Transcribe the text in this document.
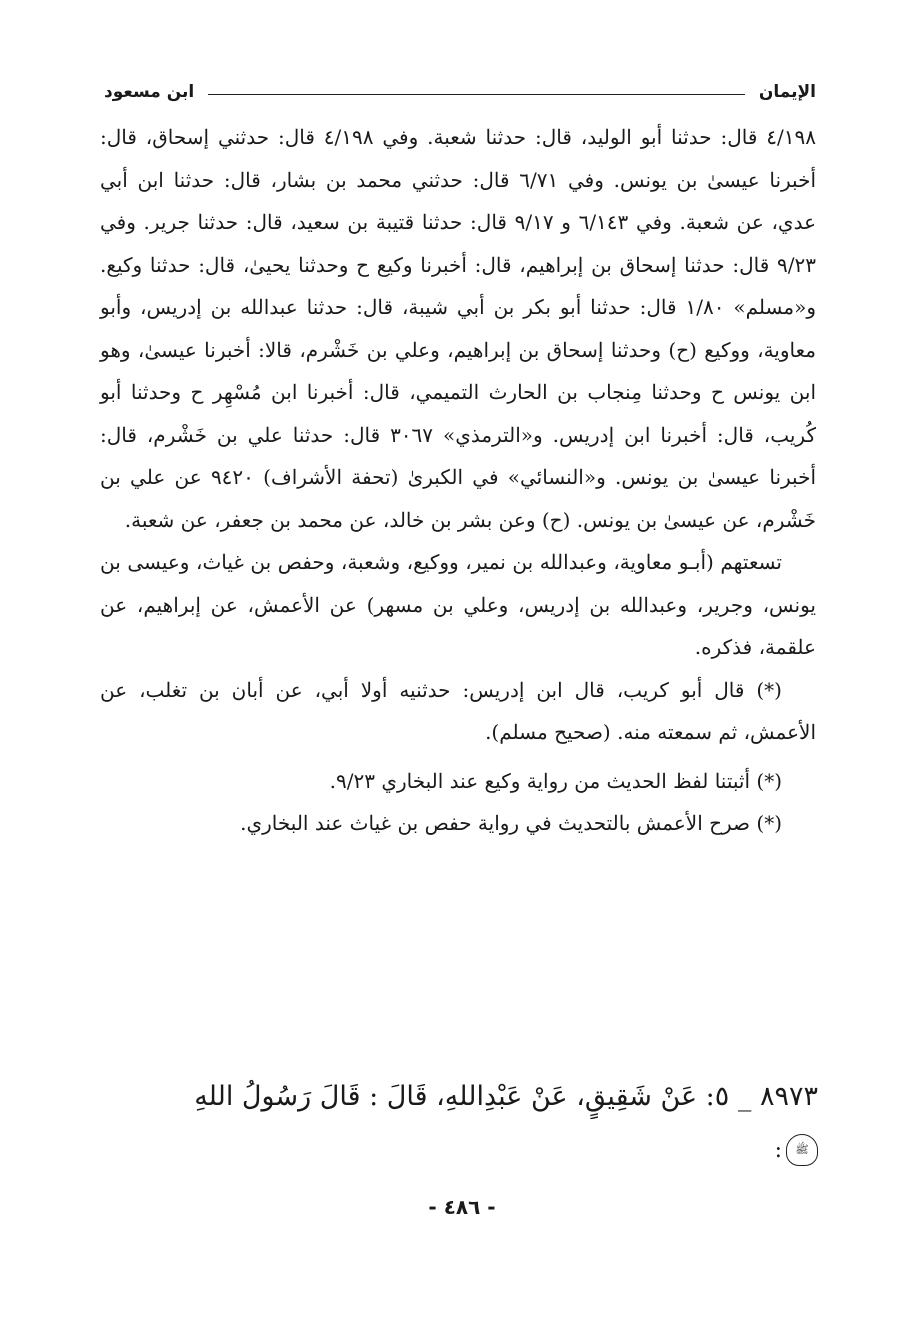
الإيمان
ابن مسعود

٤/١٩٨ قال: حدثنا أبو الوليد، قال: حدثنا شعبة. وفي ٤/١٩٨ قال: حدثني إسحاق، قال: أخبرنا عيسىٰ بن يونس. وفي ٦/٧١ قال: حدثني محمد بن بشار، قال: حدثنا ابن أبي عدي، عن شعبة. وفي ٦/١٤٣ و ٩/١٧ قال: حدثنا قتيبة بن سعيد، قال: حدثنا جرير. وفي ٩/٢٣ قال: حدثنا إسحاق بن إبراهيم، قال: أخبرنا وكيع ح وحدثنا يحيىٰ، قال: حدثنا وكيع. و«مسلم» ١/٨٠ قال: حدثنا أبو بكر بن أبي شيبة، قال: حدثنا عبدالله بن إدريس، وأبو معاوية، ووكيع (ح) وحدثنا إسحاق بن إبراهيم، وعلي بن خَشْرم، قالا: أخبرنا عيسىٰ، وهو ابن يونس ح وحدثنا مِنجاب بن الحارث التميمي، قال: أخبرنا ابن مُسْهِر ح وحدثنا أبو كُريب، قال: أخبرنا ابن إدريس. و«الترمذي» ٣٠٦٧ قال: حدثنا علي بن خَشْرم، قال: أخبرنا عيسىٰ بن يونس. و«النسائي» في الكبرىٰ (تحفة الأشراف) ٩٤٢٠ عن علي بن خَشْرم، عن عيسىٰ بن يونس. (ح) وعن بشر بن خالد، عن محمد بن جعفر، عن شعبة.

تسعتهم (أبـو معاوية، وعبدالله بن نمير، ووكيع، وشعبة، وحفص بن غياث، وعيسى بن يونس، وجرير، وعبدالله بن إدريس، وعلي بن مسهر) عن الأعمش، عن إبراهيم، عن علقمة، فذكره.

(*) قال أبو كريب، قال ابن إدريس: حدثنيه أولا أبي، عن أبان بن تغلب، عن الأعمش، ثم سمعته منه. (صحيح مسلم).

(*) أثبتنا لفظ الحديث من رواية وكيع عند البخاري ٩/٢٣.

(*) صرح الأعمش بالتحديث في رواية حفص بن غياث عند البخاري.

٨٩٧٣ _ ٥: عَنْ شَقِيقٍ، عَنْ عَبْدِاللهِ، قَالَ : قَالَ رَسُولُ اللهِ
ﷺ
:
- ٤٨٦ -
